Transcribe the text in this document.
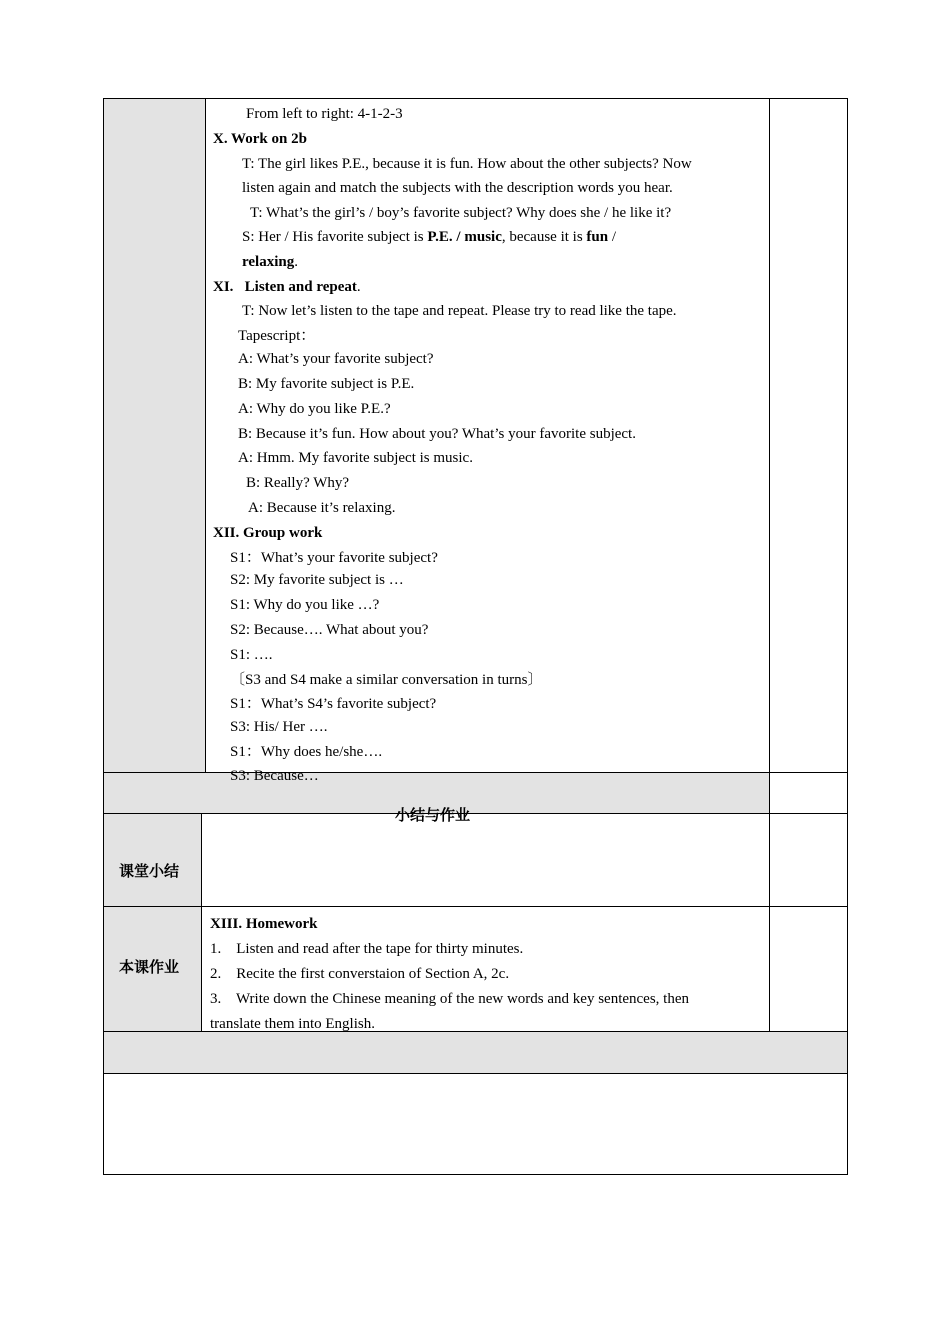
From left to right: 4-1-2-3
X. Work on 2b
T: The girl likes P.E., because it is fun. How about the other subjects? Now
listen again and match the subjects with the description words you hear.
T: What’s the girl’s / boy’s favorite subject? Why does she / he like it?
S: Her / His favorite subject is P.E. / music, because it is fun /
relaxing.
XI. Listen and repeat.
T: Now let’s listen to the tape and repeat. Please try to read like the tape.
Tapescript：
A: What’s your favorite subject?
B: My favorite subject is P.E.
A: Why do you like P.E.?
B: Because it’s fun. How about you? What’s your favorite subject.
A: Hmm. My favorite subject is music.
B: Really? Why?
A: Because it’s relaxing.
XII. Group work
S1：What’s your favorite subject?
S2: My favorite subject is …
S1: Why do you like …?
S2: Because…. What about you?
S1: ….
〔S3 and S4 make a similar conversation in turns〕
S1：What’s S4’s favorite subject?
S3: His/ Her ….
S1：Why does he/she….
S3: Because…
小结与作业
课堂小结
本课作业
XIII. Homework
1.    Listen and read after the tape for thirty minutes.
2.    Recite the first converstaion of Section A, 2c.
3.    Write down the Chinese meaning of the new words and key sentences, then
translate them into English.
